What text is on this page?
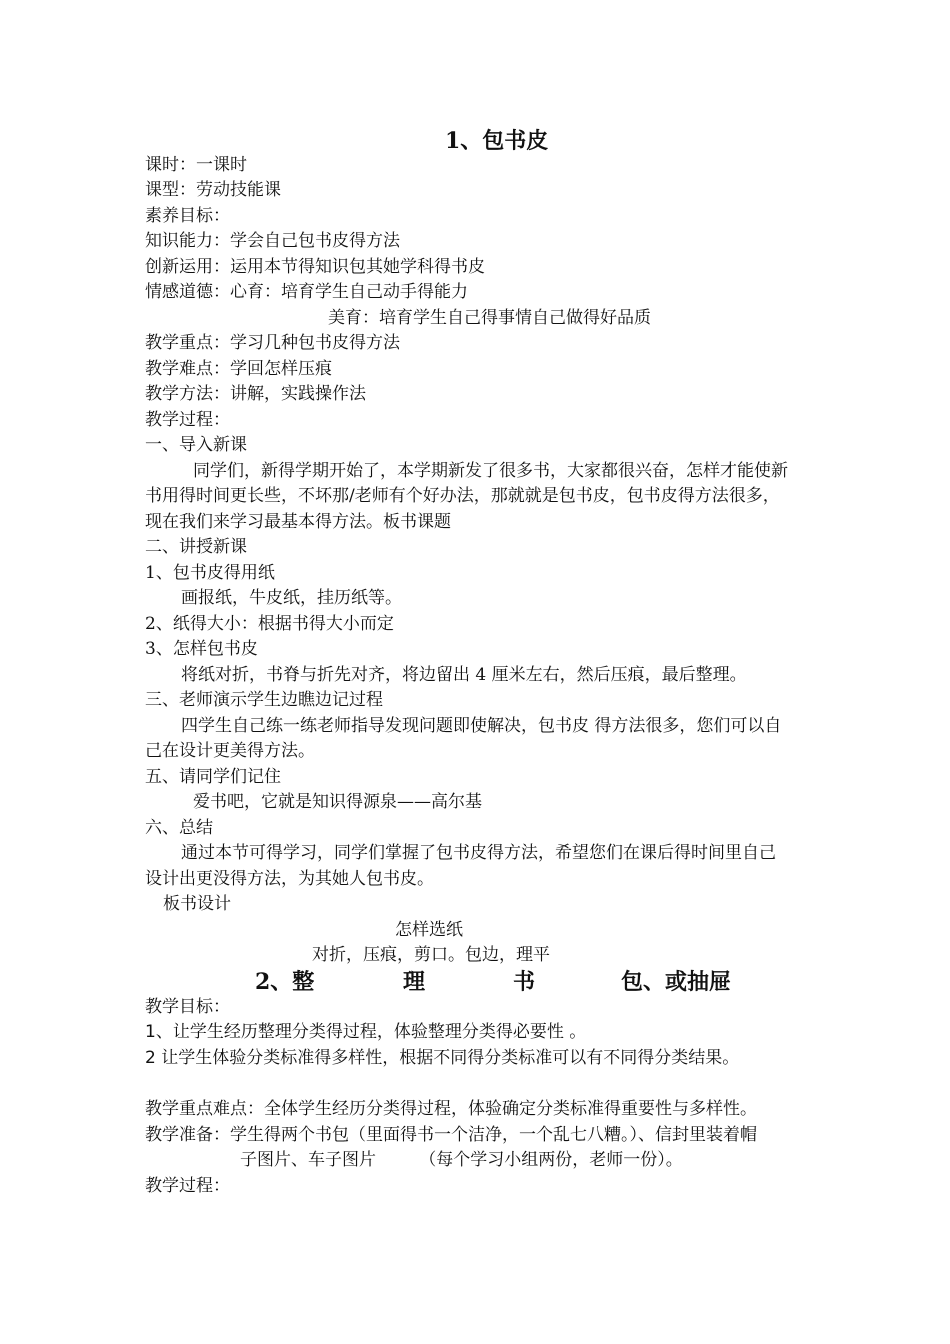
1、包书皮
课时：一课时
课型：劳动技能课
素养目标：
知识能力：学会自己包书皮得方法
创新运用：运用本节得知识包其她学科得书皮
情感道德：心育：培育学生自己动手得能力
美育：培育学生自己得事情自己做得好品质
教学重点：学习几种包书皮得方法
教学难点：学回怎样压痕
教学方法：讲解，实践操作法
教学过程：
一、导入新课
同学们，新得学期开始了，本学期新发了很多书，大家都很兴奋，怎样才能使新
书用得时间更长些，不坏那/老师有个好办法，那就就是包书皮，包书皮得方法很多，
现在我们来学习最基本得方法。板书课题
二、讲授新课
1、包书皮得用纸
画报纸，牛皮纸，挂历纸等。
2、纸得大小：根据书得大小而定
3、怎样包书皮
将纸对折，书脊与折先对齐，将边留出 4 厘米左右，然后压痕，最后整理。
三、老师演示学生边瞧边记过程
四学生自己练一练老师指导发现问题即使解决，包书皮 得方法很多，您们可以自
己在设计更美得方法。
五、请同学们记住
爱书吧，它就是知识得源泉——高尔基
六、总结
通过本节可得学习，同学们掌握了包书皮得方法，希望您们在课后得时间里自己
设计出更没得方法，为其她人包书皮。
板书设计
怎样选纸
对折，压痕，剪口。包边，理平
2、整	理	书	包、或抽屉
教学目标：
1、让学生经历整理分类得过程，体验整理分类得必要性 。
2 让学生体验分类标准得多样性，根据不同得分类标准可以有不同得分类结果。
教学重点难点：全体学生经历分类得过程，体验确定分类标准得重要性与多样性。
教学准备：学生得两个书包（里面得书一个洁净，一个乱七八糟。）、信封里装着帽
子图片、车子图片        （每个学习小组两份，老师一份）。
教学过程：
